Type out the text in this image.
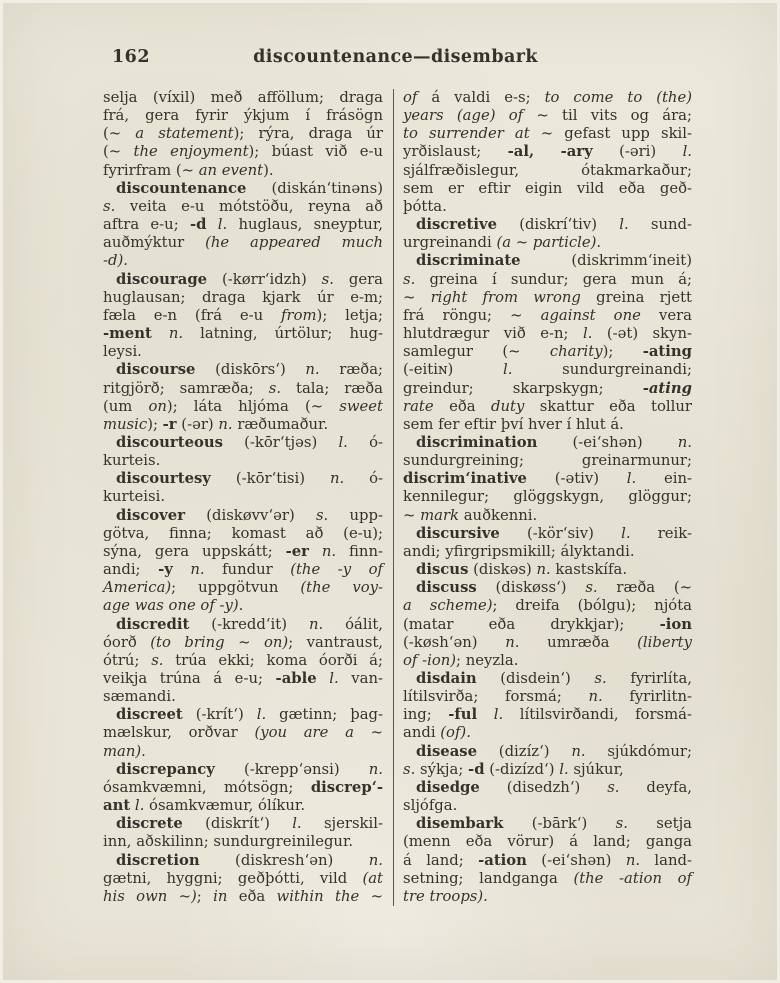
162	discountenance—disembark
selja (víxil) með afföllum; draga
frá, gera fyrir ýkjum í frásögn
(~ a statement); rýra, draga úr
(~ the enjoyment); búast við e-u
fyrirfram (~ an event).
discountenance (diskán‘tinəns)
s. veita e-u mótstöðu, reyna að
aftra e-u; -d l. huglaus, sneyptur,
auðmýktur (he appeared much
-d).
discourage (-kørr‘idzh) s. gera
huglausan; draga kjark úr e-m;
fæla e-n (frá e-u from); letja;
-ment n. latning, úrtölur; hug-
leysi.
discourse (diskōrs‘) n. ræða;
ritgjörð; samræða; s. tala; ræða
(um on); láta hljóma (~ sweet
music); -r (-ər) n. ræðumaður.
discourteous (-kōr‘tjəs) l. ó-
kurteis.
discourtesy (-kōr‘tisi) n. ó-
kurteisi.
discover (diskøvv‘ər) s. upp-
götva, finna; komast að (e-u);
sýna, gera uppskátt; -er n. finn-
andi; -y n. fundur (the -y of
America); uppgötvun (the voy-
age was one of -y).
discredit (-kredd‘it) n. óálit,
óorð (to bring ~ on); vantraust,
ótrú; s. trúa ekki; koma óorði á;
veikja trúna á e-u; -able l. van-
sæmandi.
discreet (-krít‘) l. gætinn; þag-
mælskur, orðvar (you are a ~
man).
discrepancy (-krepp‘ənsi) n.
ósamkvæmni, mótsögn; discrep‘-
ant l. ósamkvæmur, ólíkur.
discrete (diskrít‘) l. sjerskil-
inn, aðskilinn; sundurgreinilegur.
discretion (diskresh‘ən) n.
gætni, hyggni; geðþótti, vild (at
his own ~); in eða within the ~
of á valdi e-s; to come to (the)
years (age) of ~ til vits og ára;
to surrender at ~ gefast upp skil-
yrðislaust; -al, -ary (-əri) l.
sjálfræðislegur, ótakmarkaður;
sem er eftir eigin vild eða geð-
þótta.
discretive (diskrí‘tiv) l. sund-
urgreinandi (a ~ particle).
discriminate (diskrimm‘ineit)
s. greina í sundur; gera mun á;
~ right from wrong greina rjett
frá röngu; ~ against one vera
hlutdrægur við e-n; l. (-ət) skyn-
samlegur (~ charity); -ating
(-eitiɴ) l. sundurgreinandi;
greindur; skarpskygn; -ating
rate eða duty skattur eða tollur
sem fer eftir því hver í hlut á.
discrimination (-ei‘shən) n.
sundurgreining; greinarmunur;
discrim‘inative (-ətiv) l. ein-
kennilegur; glöggskygn, glöggur;
~ mark auðkenni.
discursive (-kör‘siv) l. reik-
andi; yfirgripsmikill; ályktandi.
discus (diskəs) n. kastskífa.
discuss (diskøss‘) s. ræða (~
a scheme); dreifa (bólgu); njóta
(matar eða drykkjar); -ion
(-køsh‘ən) n. umræða (liberty
of -ion); neyzla.
disdain (disdein‘) s. fyrirlíta,
lítilsvirða; forsmá; n. fyrirlitn-
ing; -ful l. lítilsvirðandi, forsmá-
andi (of).
disease (dizíz‘) n. sjúkdómur;
s. sýkja; -d (-dizízd‘) l. sjúkur,
disedge (disedzh‘) s. deyfa,
sljófga.
disembark (-bārk‘) s. setja
(menn eða vörur) á land; ganga
á land; -ation (-ei‘shən) n. land-
setning; landganga (the -ation of
tre troops).
